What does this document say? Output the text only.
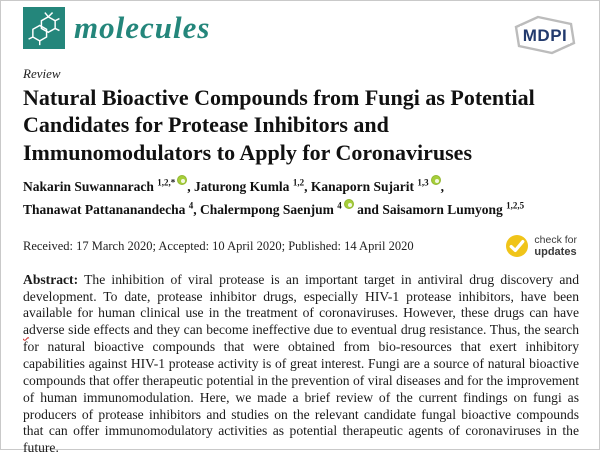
molecules	MDPI
Review
Natural Bioactive Compounds from Fungi as Potential Candidates for Protease Inhibitors and Immunomodulators to Apply for Coronaviruses

Nakarin Suwannarach $^{1,2,*}$ , Jaturong Kumla $^{1,2}$, Kanaporn Sujarit $^{1,3}$ ,
Thanawat Pattananandecha $^4$, Chalermpong Saenjum $^4$ and Saisamorn Lumyong $^{1,2,5}$

Received: 17 March 2020; Accepted: 10 April 2020; Published: 14 April 2020	check for
updates

Abstract: The inhibition of viral protease is an important target in antiviral drug discovery and development. To date, protease inhibitor drugs, especially HIV-1 protease inhibitors, have been available for human clinical use in the treatment of coronaviruses. However, these drugs can have adverse side effects and they can become ineffective due to eventual drug resistance. Thus, the search for natural bioactive compounds that were obtained from bio-resources that exert inhibitory capabilities against HIV-1 protease activity is of great interest. Fungi are a source of natural bioactive compounds that offer therapeutic potential in the prevention of viral diseases and for the improvement of human immunomodulation. Here, we made a brief review of the current findings on fungi as producers of protease inhibitors and studies on the relevant candidate fungal bioactive compounds that can offer immunomodulatory activities as potential therapeutic agents of coronaviruses in the future.
